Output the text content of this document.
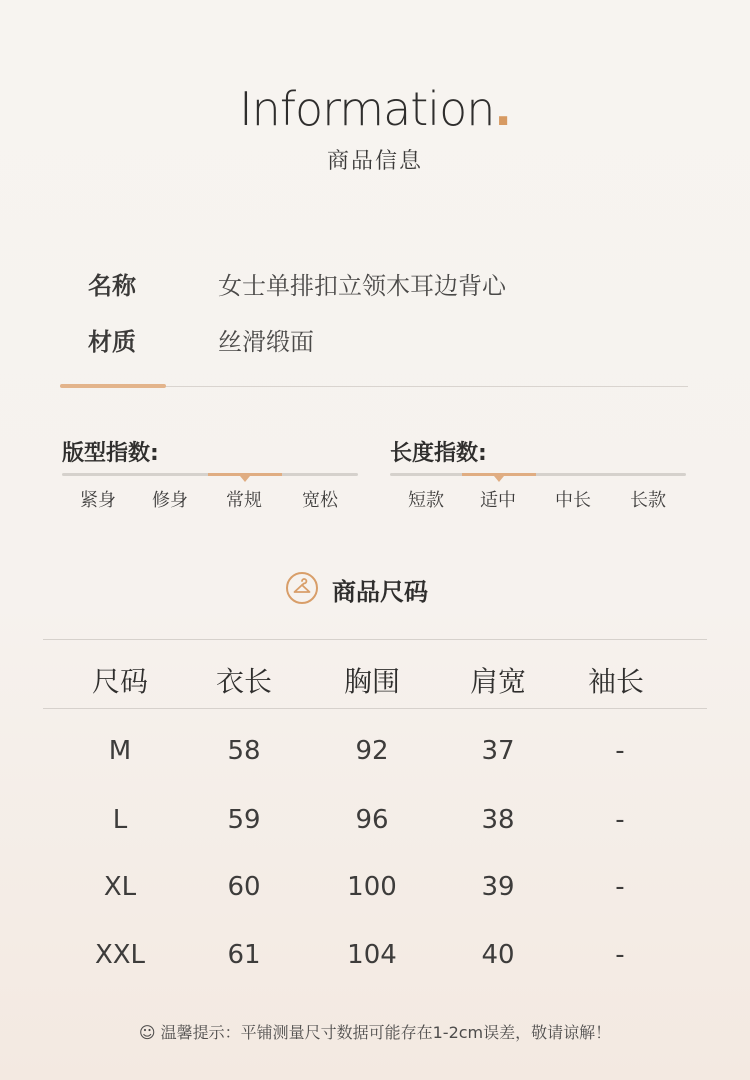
Information.
商品信息
名称	女士单排扣立领木耳边背心
材质	丝滑缎面
版型指数:
紧身	修身	常规	宽松
长度指数:
短款	适中	中长	长款
商品尺码
尺码	衣长	胸围	肩宽	袖长
M	58	92	37	-
L	59	96	38	-
XL	60	100	39	-
XXL	61	104	40	-
☺ 温馨提示：平铺测量尺寸数据可能存在1-2cm误差，敬请谅解！
